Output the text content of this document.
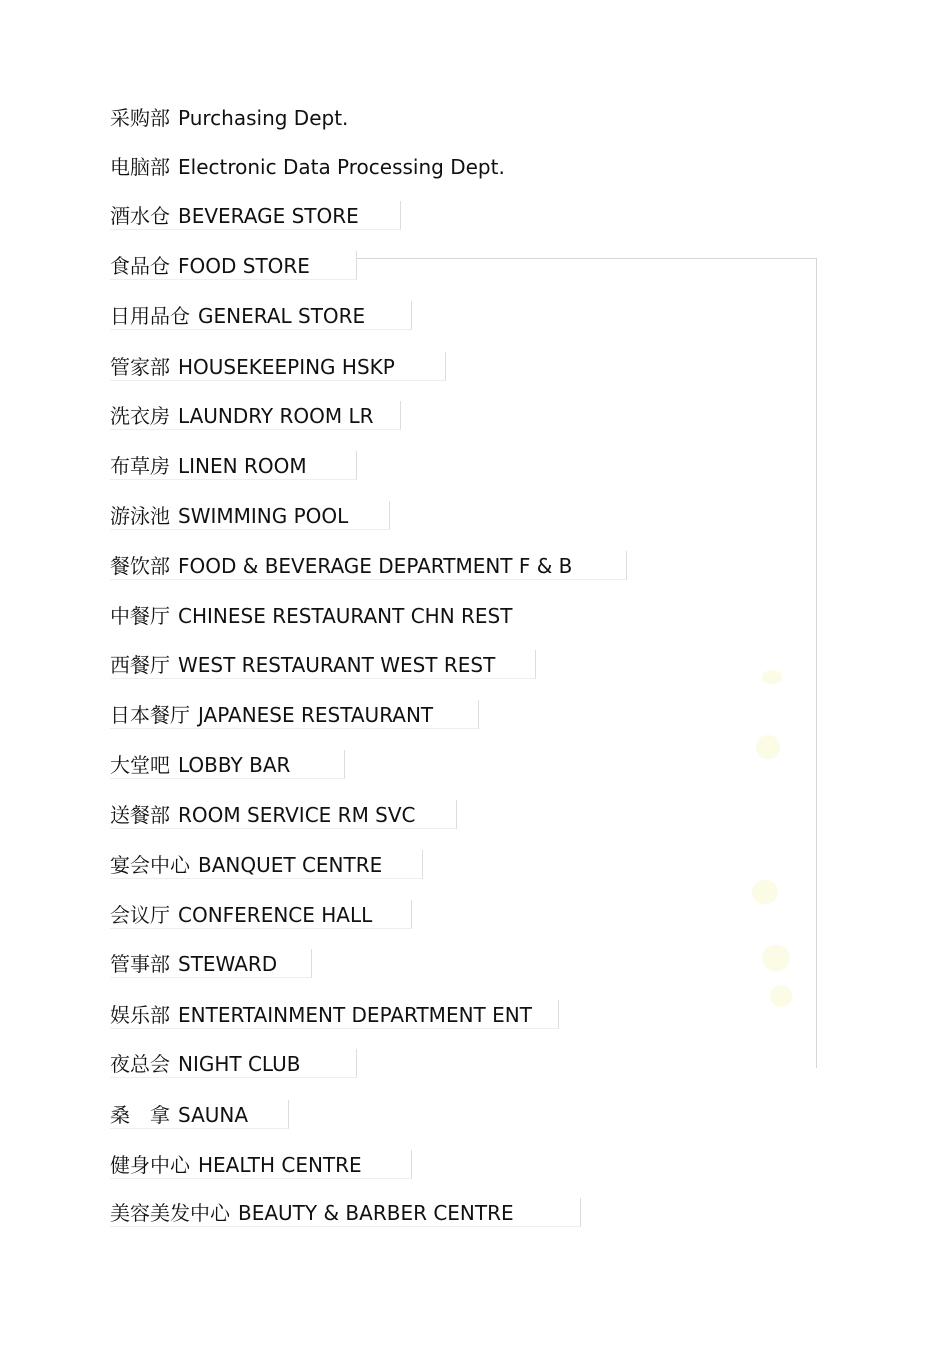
采购部 Purchasing Dept.
电脑部 Electronic Data Processing Dept.
酒水仓 BEVERAGE STORE
食品仓 FOOD STORE
日用品仓 GENERAL STORE
管家部 HOUSEKEEPING HSKP
洗衣房 LAUNDRY ROOM LR
布草房 LINEN ROOM
游泳池 SWIMMING POOL
餐饮部 FOOD & BEVERAGE DEPARTMENT F & B
中餐厅 CHINESE RESTAURANT CHN REST
西餐厅 WEST RESTAURANT WEST REST
日本餐厅 JAPANESE RESTAURANT
大堂吧 LOBBY BAR
送餐部 ROOM SERVICE RM SVC
宴会中心 BANQUET CENTRE
会议厅 CONFERENCE HALL
管事部 STEWARD
娱乐部 ENTERTAINMENT DEPARTMENT ENT
夜总会 NIGHT CLUB
桑　拿 SAUNA
健身中心 HEALTH CENTRE
美容美发中心 BEAUTY & BARBER CENTRE
